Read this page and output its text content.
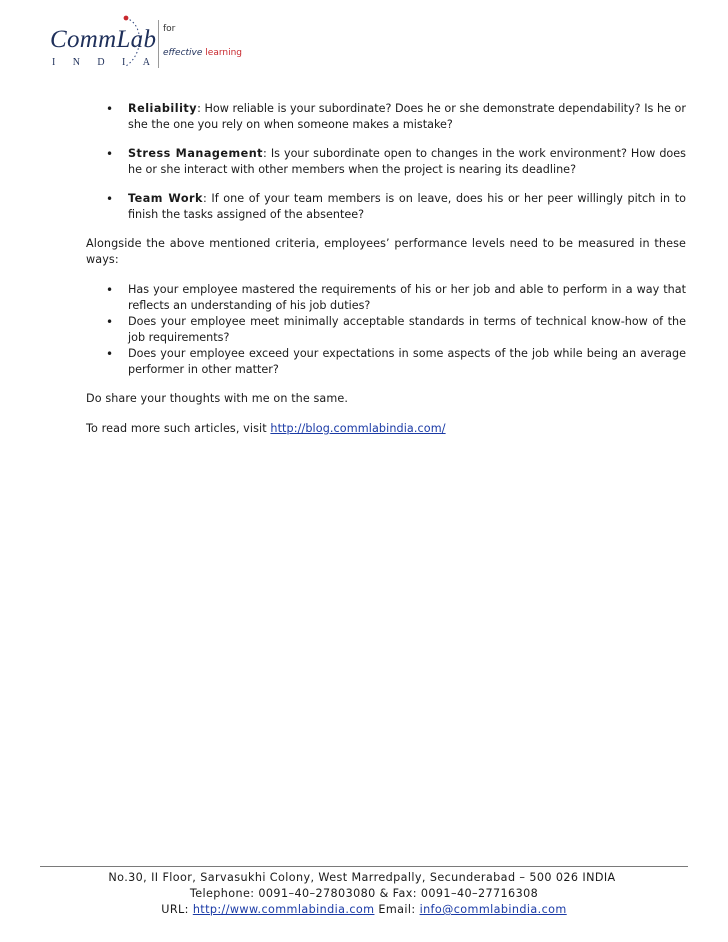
CommLab
I N D I A
for
effective learning
• Reliability: How reliable is your subordinate? Does he or she demonstrate dependability? Is he or she the one you rely on when someone makes a mistake?
• Stress Management: Is your subordinate open to changes in the work environment? How does he or she interact with other members when the project is nearing its deadline?
• Team Work: If one of your team members is on leave, does his or her peer willingly pitch in to finish the tasks assigned of the absentee?

Alongside the above mentioned criteria, employees’ performance levels need to be measured in these ways:

• Has your employee mastered the requirements of his or her job and able to perform in a way that reflects an understanding of his job duties?
• Does your employee meet minimally acceptable standards in terms of technical know-how of the job requirements?
• Does your employee exceed your expectations in some aspects of the job while being an average performer in other matter?

Do share your thoughts with me on the same.

To read more such articles, visit http://blog.commlabindia.com/

No.30, II Floor, Sarvasukhi Colony, West Marredpally, Secunderabad – 500 026 INDIA
Telephone: 0091–40–27803080 & Fax: 0091–40–27716308
URL: http://www.commlabindia.com Email: info@commlabindia.com
